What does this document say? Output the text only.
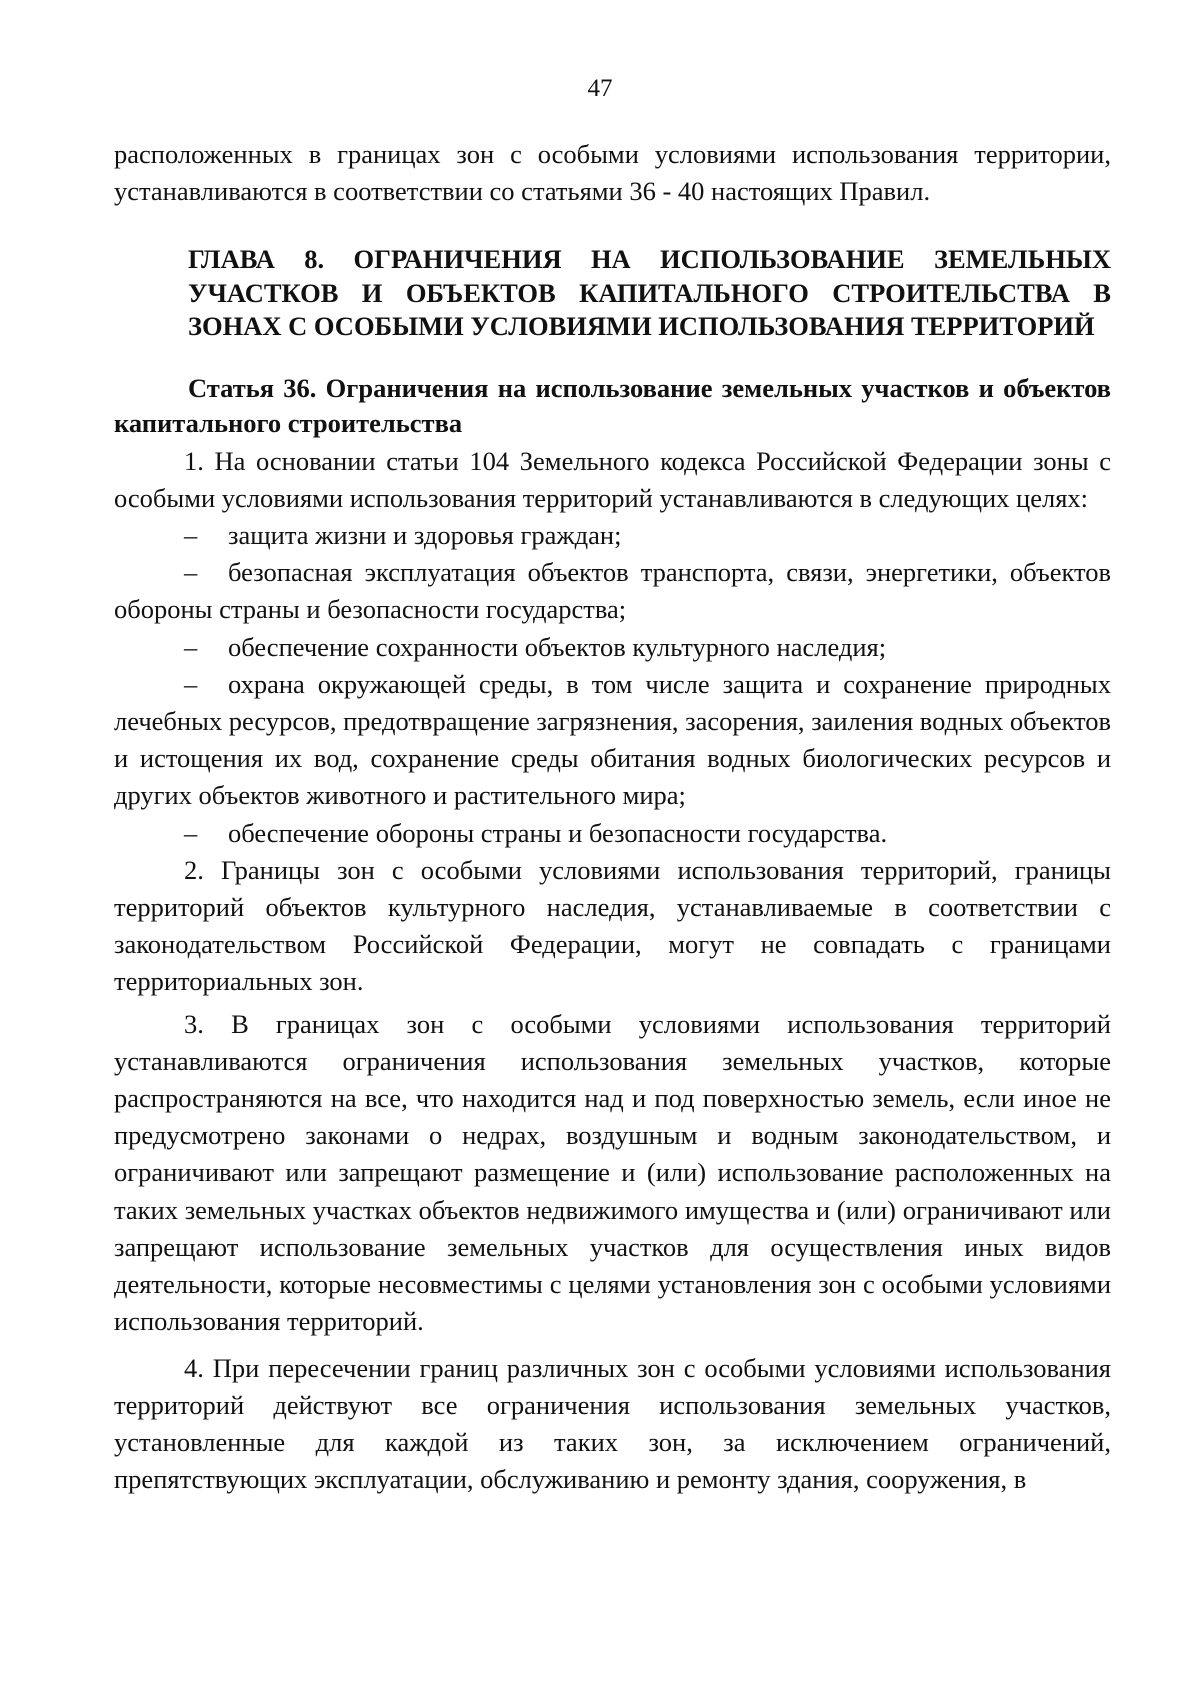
47

расположенных в границах зон с особыми условиями использования территории, устанавливаются в соответствии со статьями 36 - 40 настоящих Правил.

ГЛАВА 8. ОГРАНИЧЕНИЯ НА ИСПОЛЬЗОВАНИЕ ЗЕМЕЛЬНЫХ УЧАСТКОВ И ОБЪЕКТОВ КАПИТАЛЬНОГО СТРОИТЕЛЬСТВА В ЗОНАХ С ОСОБЫМИ УСЛОВИЯМИ ИСПОЛЬЗОВАНИЯ ТЕРРИТОРИЙ
Статья 36. Ограничения на использование земельных участков и объектов капитального строительства

1. На основании статьи 104 Земельного кодекса Российской Федерации зоны с особыми условиями использования территорий устанавливаются в следующих целях:

– защита жизни и здоровья граждан;

– безопасная эксплуатация объектов транспорта, связи, энергетики, объектов обороны страны и безопасности государства;

– обеспечение сохранности объектов культурного наследия;

– охрана окружающей среды, в том числе защита и сохранение природных лечебных ресурсов, предотвращение загрязнения, засорения, заиления водных объектов и истощения их вод, сохранение среды обитания водных биологических ресурсов и других объектов животного и растительного мира;

– обеспечение обороны страны и безопасности государства.

2. Границы зон с особыми условиями использования территорий, границы территорий объектов культурного наследия, устанавливаемые в соответствии с законодательством Российской Федерации, могут не совпадать с границами территориальных зон.

3. В границах зон с особыми условиями использования территорий устанавливаются ограничения использования земельных участков, которые распространяются на все, что находится над и под поверхностью земель, если иное не предусмотрено законами о недрах, воздушным и водным законодательством, и ограничивают или запрещают размещение и (или) использование расположенных на таких земельных участках объектов недвижимого имущества и (или) ограничивают или запрещают использование земельных участков для осуществления иных видов деятельности, которые несовместимы с целями установления зон с особыми условиями использования территорий.

4. При пересечении границ различных зон с особыми условиями использования территорий действуют все ограничения использования земельных участков, установленные для каждой из таких зон, за исключением ограничений, препятствующих эксплуатации, обслуживанию и ремонту здания, сооружения, в
